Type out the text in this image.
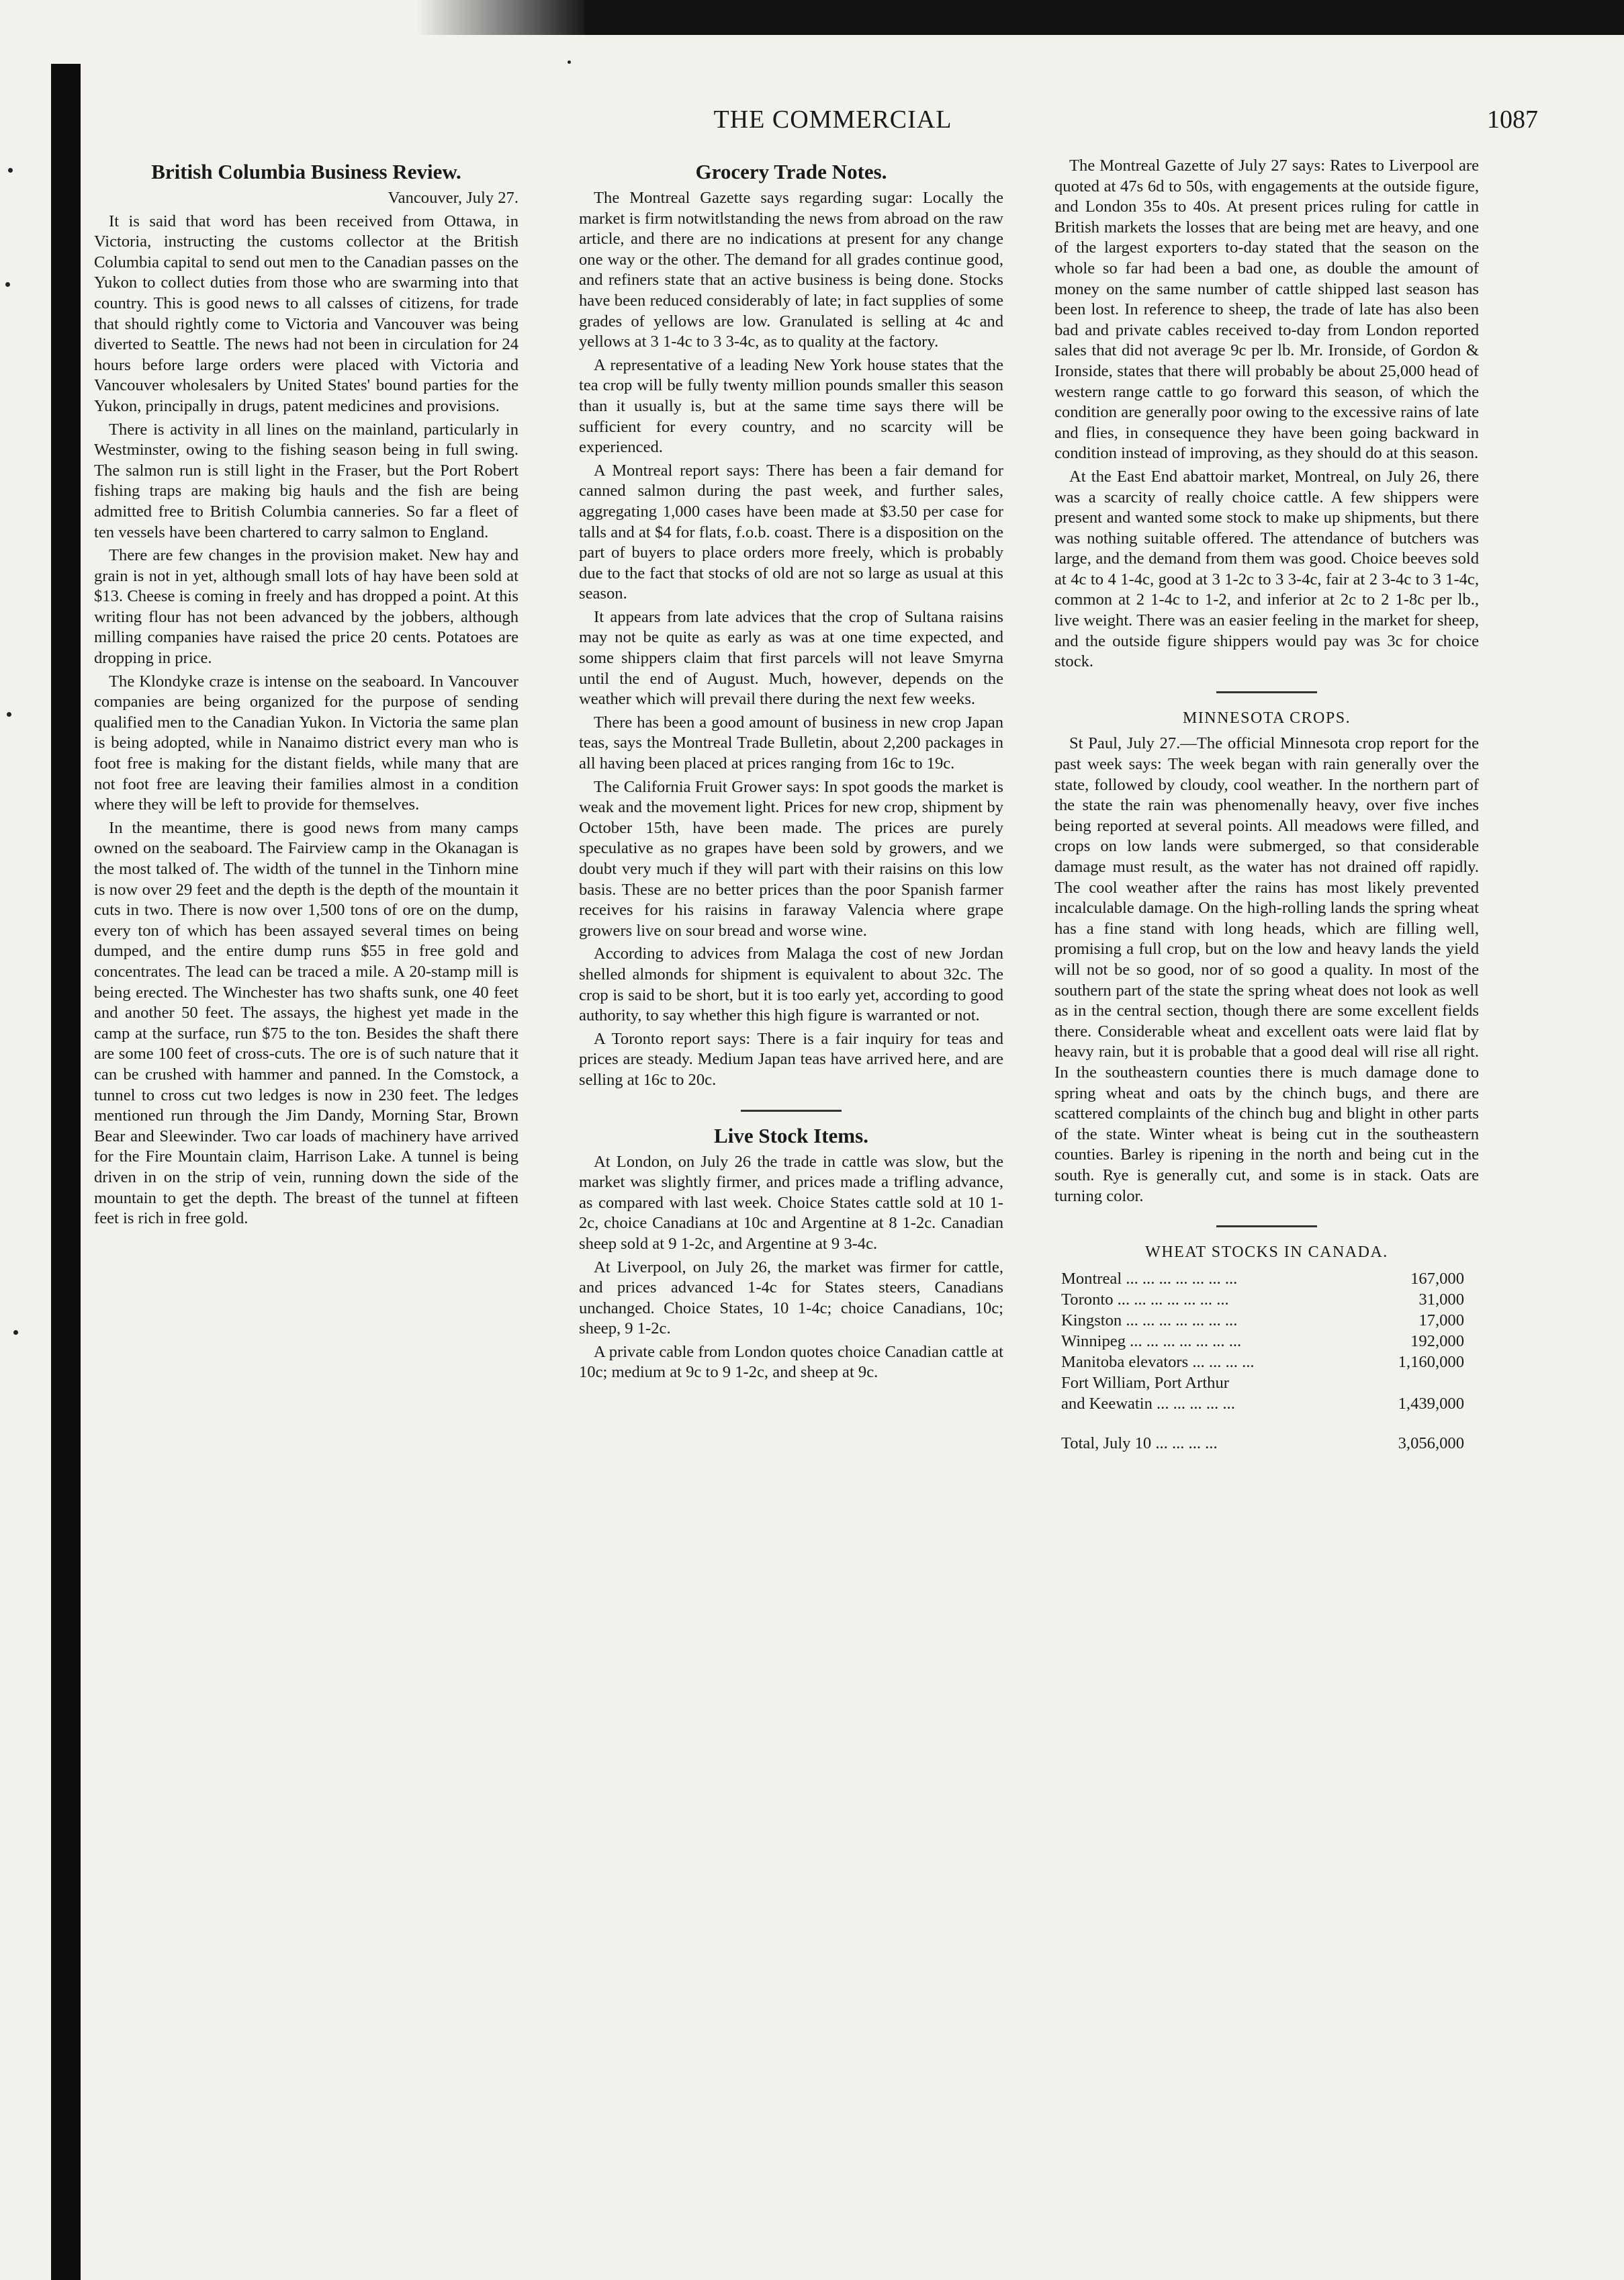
THE COMMERCIAL	1087
British Columbia Business Review.

Vancouver, July 27.

It is said that word has been received from Ottawa, in Victoria, instructing the customs collector at the British Columbia capital to send out men to the Canadian passes on the Yukon to collect duties from those who are swarming into that country. This is good news to all calsses of citizens, for trade that should rightly come to Victoria and Vancouver was being diverted to Seattle. The news had not been in circulation for 24 hours before large orders were placed with Victoria and Vancouver wholesalers by United States' bound parties for the Yukon, principally in drugs, patent medicines and provisions.

There is activity in all lines on the mainland, particularly in Westminster, owing to the fishing season being in full swing. The salmon run is still light in the Fraser, but the Port Robert fishing traps are making big hauls and the fish are being admitted free to British Columbia canneries. So far a fleet of ten vessels have been chartered to carry salmon to England.

There are few changes in the provision maket. New hay and grain is not in yet, although small lots of hay have been sold at $13. Cheese is coming in freely and has dropped a point. At this writing flour has not been advanced by the jobbers, although milling companies have raised the price 20 cents. Potatoes are dropping in price.

The Klondyke craze is intense on the seaboard. In Vancouver companies are being organized for the purpose of sending qualified men to the Canadian Yukon. In Victoria the same plan is being adopted, while in Nanaimo district every man who is foot free is making for the distant fields, while many that are not foot free are leaving their families almost in a condition where they will be left to provide for themselves.

In the meantime, there is good news from many camps owned on the seaboard. The Fairview camp in the Okanagan is the most talked of. The width of the tunnel in the Tinhorn mine is now over 29 feet and the depth is the depth of the mountain it cuts in two. There is now over 1,500 tons of ore on the dump, every ton of which has been assayed several times on being dumped, and the entire dump runs $55 in free gold and concentrates. The lead can be traced a mile. A 20-stamp mill is being erected. The Winchester has two shafts sunk, one 40 feet and another 50 feet. The assays, the highest yet made in the camp at the surface, run $75 to the ton. Besides the shaft there are some 100 feet of cross-cuts. The ore is of such nature that it can be crushed with hammer and panned. In the Comstock, a tunnel to cross cut two ledges is now in 230 feet. The ledges mentioned run through the Jim Dandy, Morning Star, Brown Bear and Sleewinder. Two car loads of machinery have arrived for the Fire Mountain claim, Harrison Lake. A tunnel is being driven in on the strip of vein, running down the side of the mountain to get the depth. The breast of the tunnel at fifteen feet is rich in free gold.

Grocery Trade Notes.

The Montreal Gazette says regarding sugar: Locally the market is firm notwitlstanding the news from abroad on the raw article, and there are no indications at present for any change one way or the other. The demand for all grades continue good, and refiners state that an active business is being done. Stocks have been reduced considerably of late; in fact supplies of some grades of yellows are low. Granulated is selling at 4c and yellows at 3 1-4c to 3 3-4c, as to quality at the factory.

A representative of a leading New York house states that the tea crop will be fully twenty million pounds smaller this season than it usually is, but at the same time says there will be sufficient for every country, and no scarcity will be experienced.

A Montreal report says: There has been a fair demand for canned salmon during the past week, and further sales, aggregating 1,000 cases have been made at $3.50 per case for talls and at $4 for flats, f.o.b. coast. There is a disposition on the part of buyers to place orders more freely, which is probably due to the fact that stocks of old are not so large as usual at this season.

It appears from late advices that the crop of Sultana raisins may not be quite as early as was at one time expected, and some shippers claim that first parcels will not leave Smyrna until the end of August. Much, however, depends on the weather which will prevail there during the next few weeks.

There has been a good amount of business in new crop Japan teas, says the Montreal Trade Bulletin, about 2,200 packages in all having been placed at prices ranging from 16c to 19c.

The California Fruit Grower says: In spot goods the market is weak and the movement light. Prices for new crop, shipment by October 15th, have been made. The prices are purely speculative as no grapes have been sold by growers, and we doubt very much if they will part with their raisins on this low basis. These are no better prices than the poor Spanish farmer receives for his raisins in faraway Valencia where grape growers live on sour bread and worse wine.

According to advices from Malaga the cost of new Jordan shelled almonds for shipment is equivalent to about 32c. The crop is said to be short, but it is too early yet, according to good authority, to say whether this high figure is warranted or not.

A Toronto report says: There is a fair inquiry for teas and prices are steady. Medium Japan teas have arrived here, and are selling at 16c to 20c.

Live Stock Items.

At London, on July 26 the trade in cattle was slow, but the market was slightly firmer, and prices made a trifling advance, as compared with last week. Choice States cattle sold at 10 1-2c, choice Canadians at 10c and Argentine at 8 1-2c. Canadian sheep sold at 9 1-2c, and Argentine at 9 3-4c.

At Liverpool, on July 26, the market was firmer for cattle, and prices advanced 1-4c for States steers, Canadians unchanged. Choice States, 10 1-4c; choice Canadians, 10c; sheep, 9 1-2c.

A private cable from London quotes choice Canadian cattle at 10c; medium at 9c to 9 1-2c, and sheep at 9c.

The Montreal Gazette of July 27 says: Rates to Liverpool are quoted at 47s 6d to 50s, with engagements at the outside figure, and London 35s to 40s. At present prices ruling for cattle in British markets the losses that are being met are heavy, and one of the largest exporters to-day stated that the season on the whole so far had been a bad one, as double the amount of money on the same number of cattle shipped last season has been lost. In reference to sheep, the trade of late has also been bad and private cables received to-day from London reported sales that did not average 9c per lb. Mr. Ironside, of Gordon & Ironside, states that there will probably be about 25,000 head of western range cattle to go forward this season, of which the condition are generally poor owing to the excessive rains of late and flies, in consequence they have been going backward in condition instead of improving, as they should do at this season.

At the East End abattoir market, Montreal, on July 26, there was a scarcity of really choice cattle. A few shippers were present and wanted some stock to make up shipments, but there was nothing suitable offered. The attendance of butchers was large, and the demand from them was good. Choice beeves sold at 4c to 4 1-4c, good at 3 1-2c to 3 3-4c, fair at 2 3-4c to 3 1-4c, common at 2 1-4c to 1-2, and inferior at 2c to 2 1-8c per lb., live weight. There was an easier feeling in the market for sheep, and the outside figure shippers would pay was 3c for choice stock.

MINNESOTA CROPS.

St Paul, July 27.—The official Minnesota crop report for the past week says: The week began with rain generally over the state, followed by cloudy, cool weather. In the northern part of the state the rain was phenomenally heavy, over five inches being reported at several points. All meadows were filled, and crops on low lands were submerged, so that considerable damage must result, as the water has not drained off rapidly. The cool weather after the rains has most likely prevented incalculable damage. On the high-rolling lands the spring wheat has a fine stand with long heads, which are filling well, promising a full crop, but on the low and heavy lands the yield will not be so good, nor of so good a quality. In most of the southern part of the state the spring wheat does not look as well as in the central section, though there are some excellent fields there. Considerable wheat and excellent oats were laid flat by heavy rain, but it is probable that a good deal will rise all right. In the southeastern counties there is much damage done to spring wheat and oats by the chinch bugs, and there are scattered complaints of the chinch bug and blight in other parts of the state. Winter wheat is being cut in the southeastern counties. Barley is ripening in the north and being cut in the south. Rye is generally cut, and some is in stack. Oats are turning color.

WHEAT STOCKS IN CANADA.
Montreal ... ... ... ... ... ... ...	167,000
Toronto ... ... ... ... ... ... ...	31,000
Kingston ... ... ... ... ... ... ...	17,000
Winnipeg ... ... ... ... ... ... ...	192,000
Manitoba elevators ... ... ... ...	1,160,000
Fort William, Port Arthur	
and Keewatin ... ... ... ... ...	1,439,000
Total, July 10 ... ... ... ...	3,056,000
